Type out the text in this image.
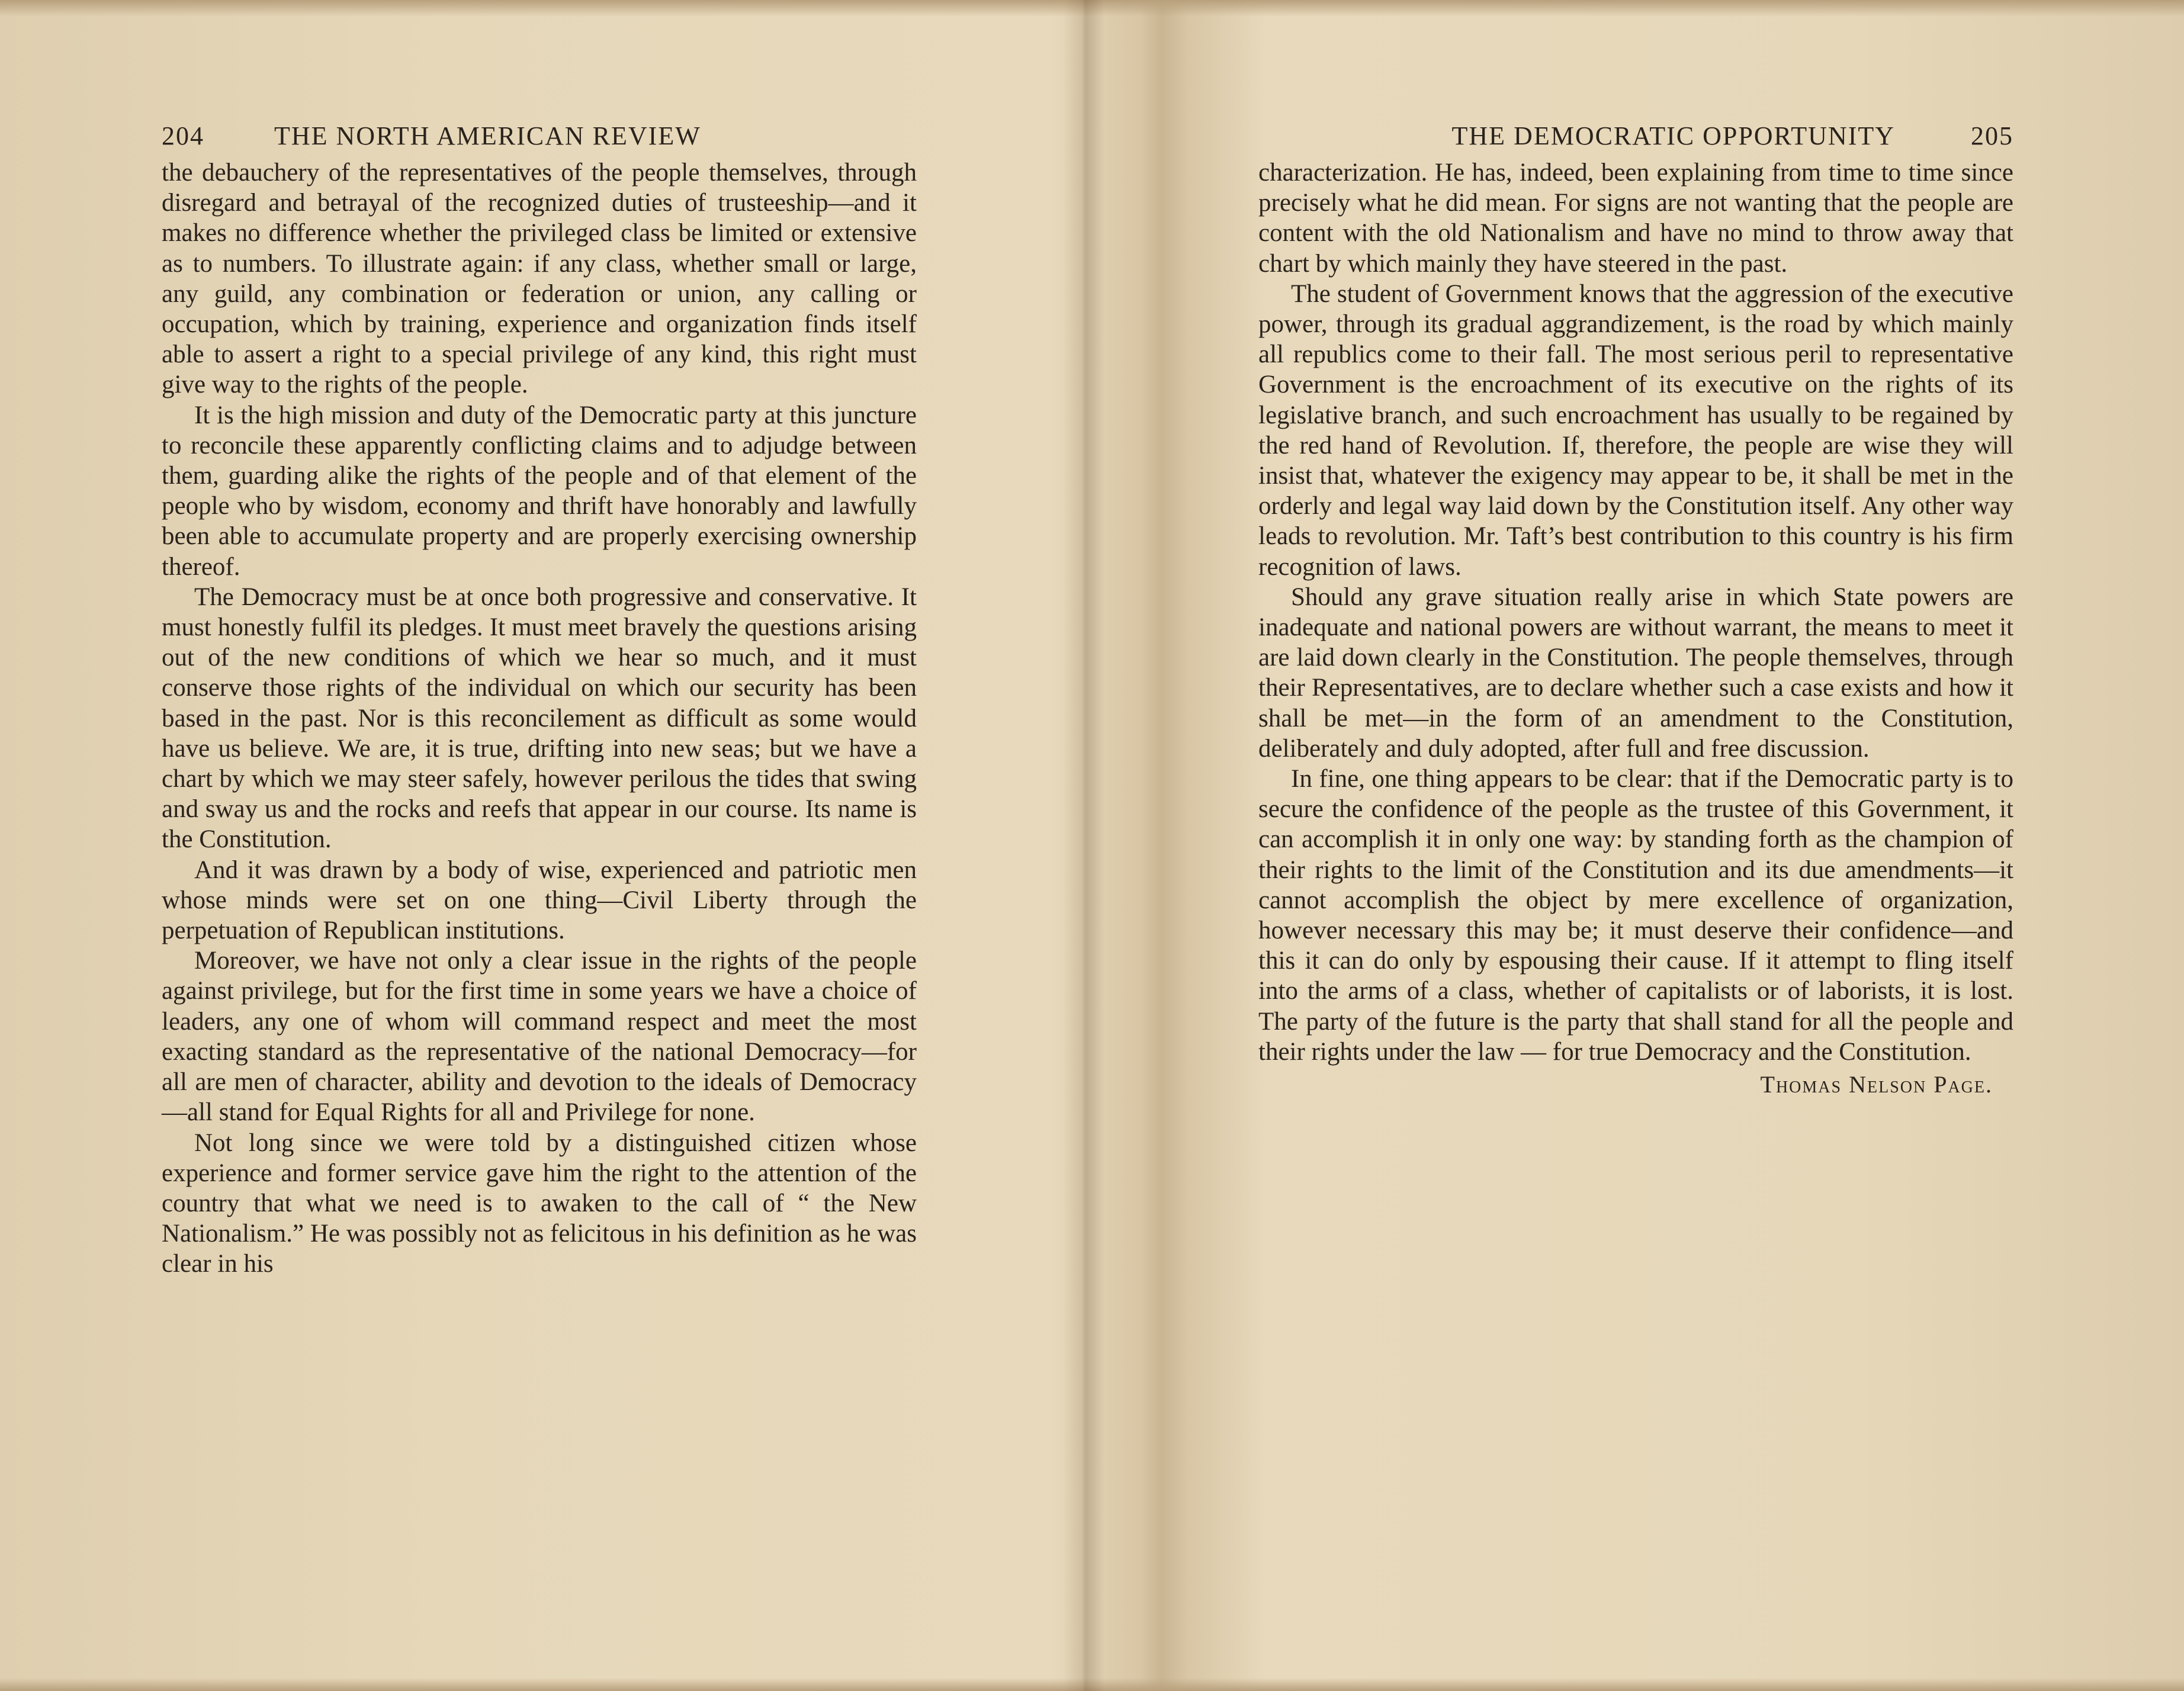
204	THE NORTH AMERICAN REVIEW

the debauchery of the representatives of the people themselves, through disregard and betrayal of the recognized duties of trusteeship—and it makes no difference whether the privileged class be limited or extensive as to numbers. To illustrate again: if any class, whether small or large, any guild, any combination or federation or union, any calling or occupation, which by training, experience and organization finds itself able to assert a right to a special privilege of any kind, this right must give way to the rights of the people.

It is the high mission and duty of the Democratic party at this juncture to reconcile these apparently conflicting claims and to adjudge between them, guarding alike the rights of the people and of that element of the people who by wisdom, economy and thrift have honorably and lawfully been able to accumulate property and are properly exercising ownership thereof.

The Democracy must be at once both progressive and conservative. It must honestly fulfil its pledges. It must meet bravely the questions arising out of the new conditions of which we hear so much, and it must conserve those rights of the individual on which our security has been based in the past. Nor is this reconcilement as difficult as some would have us believe. We are, it is true, drifting into new seas; but we have a chart by which we may steer safely, however perilous the tides that swing and sway us and the rocks and reefs that appear in our course. Its name is the Constitution.

And it was drawn by a body of wise, experienced and patriotic men whose minds were set on one thing—Civil Liberty through the perpetuation of Republican institutions.

Moreover, we have not only a clear issue in the rights of the people against privilege, but for the first time in some years we have a choice of leaders, any one of whom will command respect and meet the most exacting standard as the representative of the national Democracy—for all are men of character, ability and devotion to the ideals of Democracy—all stand for Equal Rights for all and Privilege for none.

Not long since we were told by a distinguished citizen whose experience and former service gave him the right to the attention of the country that what we need is to awaken to the call of “ the New Nationalism.” He was possibly not as felicitous in his definition as he was clear in his

THE DEMOCRATIC OPPORTUNITY	205

characterization. He has, indeed, been explaining from time to time since precisely what he did mean. For signs are not wanting that the people are content with the old Nationalism and have no mind to throw away that chart by which mainly they have steered in the past.

The student of Government knows that the aggression of the executive power, through its gradual aggrandizement, is the road by which mainly all republics come to their fall. The most serious peril to representative Government is the encroachment of its executive on the rights of its legislative branch, and such encroachment has usually to be regained by the red hand of Revolution. If, therefore, the people are wise they will insist that, whatever the exigency may appear to be, it shall be met in the orderly and legal way laid down by the Constitution itself. Any other way leads to revolution. Mr. Taft’s best contribution to this country is his firm recognition of laws.

Should any grave situation really arise in which State powers are inadequate and national powers are without warrant, the means to meet it are laid down clearly in the Constitution. The people themselves, through their Representatives, are to declare whether such a case exists and how it shall be met—in the form of an amendment to the Constitution, deliberately and duly adopted, after full and free discussion.

In fine, one thing appears to be clear: that if the Democratic party is to secure the confidence of the people as the trustee of this Government, it can accomplish it in only one way: by standing forth as the champion of their rights to the limit of the Constitution and its due amendments—it cannot accomplish the object by mere excellence of organization, however necessary this may be; it must deserve their confidence—and this it can do only by espousing their cause. If it attempt to fling itself into the arms of a class, whether of capitalists or of laborists, it is lost. The party of the future is the party that shall stand for all the people and their rights under the law — for true Democracy and the Constitution.

Thomas Nelson Page.
